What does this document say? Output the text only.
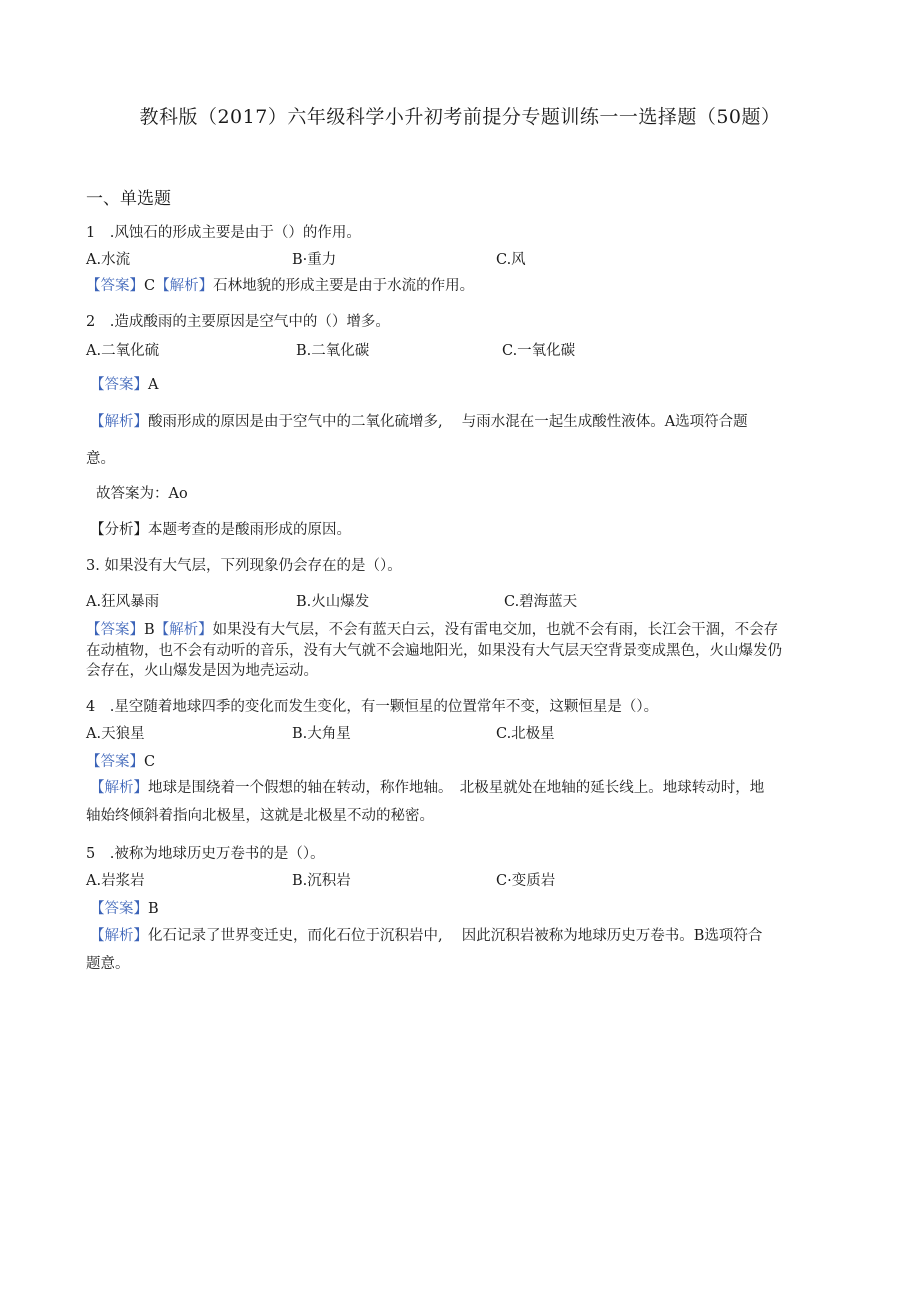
教科版（2017）六年级科学小升初考前提分专题训练一一选择题（50题）
一、单选题
1　.风蚀石的形成主要是由于（）的作用。
A.水流	B·重力	C.风
【答案】C【解析】石林地貌的形成主要是由于水流的作用。
2　.造成酸雨的主要原因是空气中的（）增多。
A.二氧化硫	B.二氧化碳	C.一氧化碳
【答案】A
【解析】酸雨形成的原因是由于空气中的二氧化硫增多,　 与雨水混在一起生成酸性液体。A选项符合题
意。
故答案为：Ao
【分析】本题考查的是酸雨形成的原因。
3. 如果没有大气层，下列现象仍会存在的是（）。
A.狂风暴雨	B.火山爆发	C.碧海蓝天
【答案】B【解析】如果没有大气层，不会有蓝天白云，没有雷电交加，也就不会有雨，长江会干涸，不会存
在动植物，也不会有动听的音乐，没有大气就不会遍地阳光，如果没有大气层天空背景变成黑色，火山爆发仍
会存在，火山爆发是因为地壳运动。
4　.星空随着地球四季的变化而发生变化，有一颗恒星的位置常年不变，这颗恒星是（）。
A.天狼星	B.大角星	C.北极星
【答案】C
【解析】地球是围绕着一个假想的轴在转动，称作地轴。　北极星就处在地轴的延长线上。地球转动时，地
轴始终倾斜着指向北极星，这就是北极星不动的秘密。
5　.被称为地球历史万卷书的是（）。
A.岩浆岩	B.沉积岩	C·变质岩
【答案】B
【解析】化石记录了世界变迁史，而化石位于沉积岩中,　 因此沉积岩被称为地球历史万卷书。B选项符合
题意。
